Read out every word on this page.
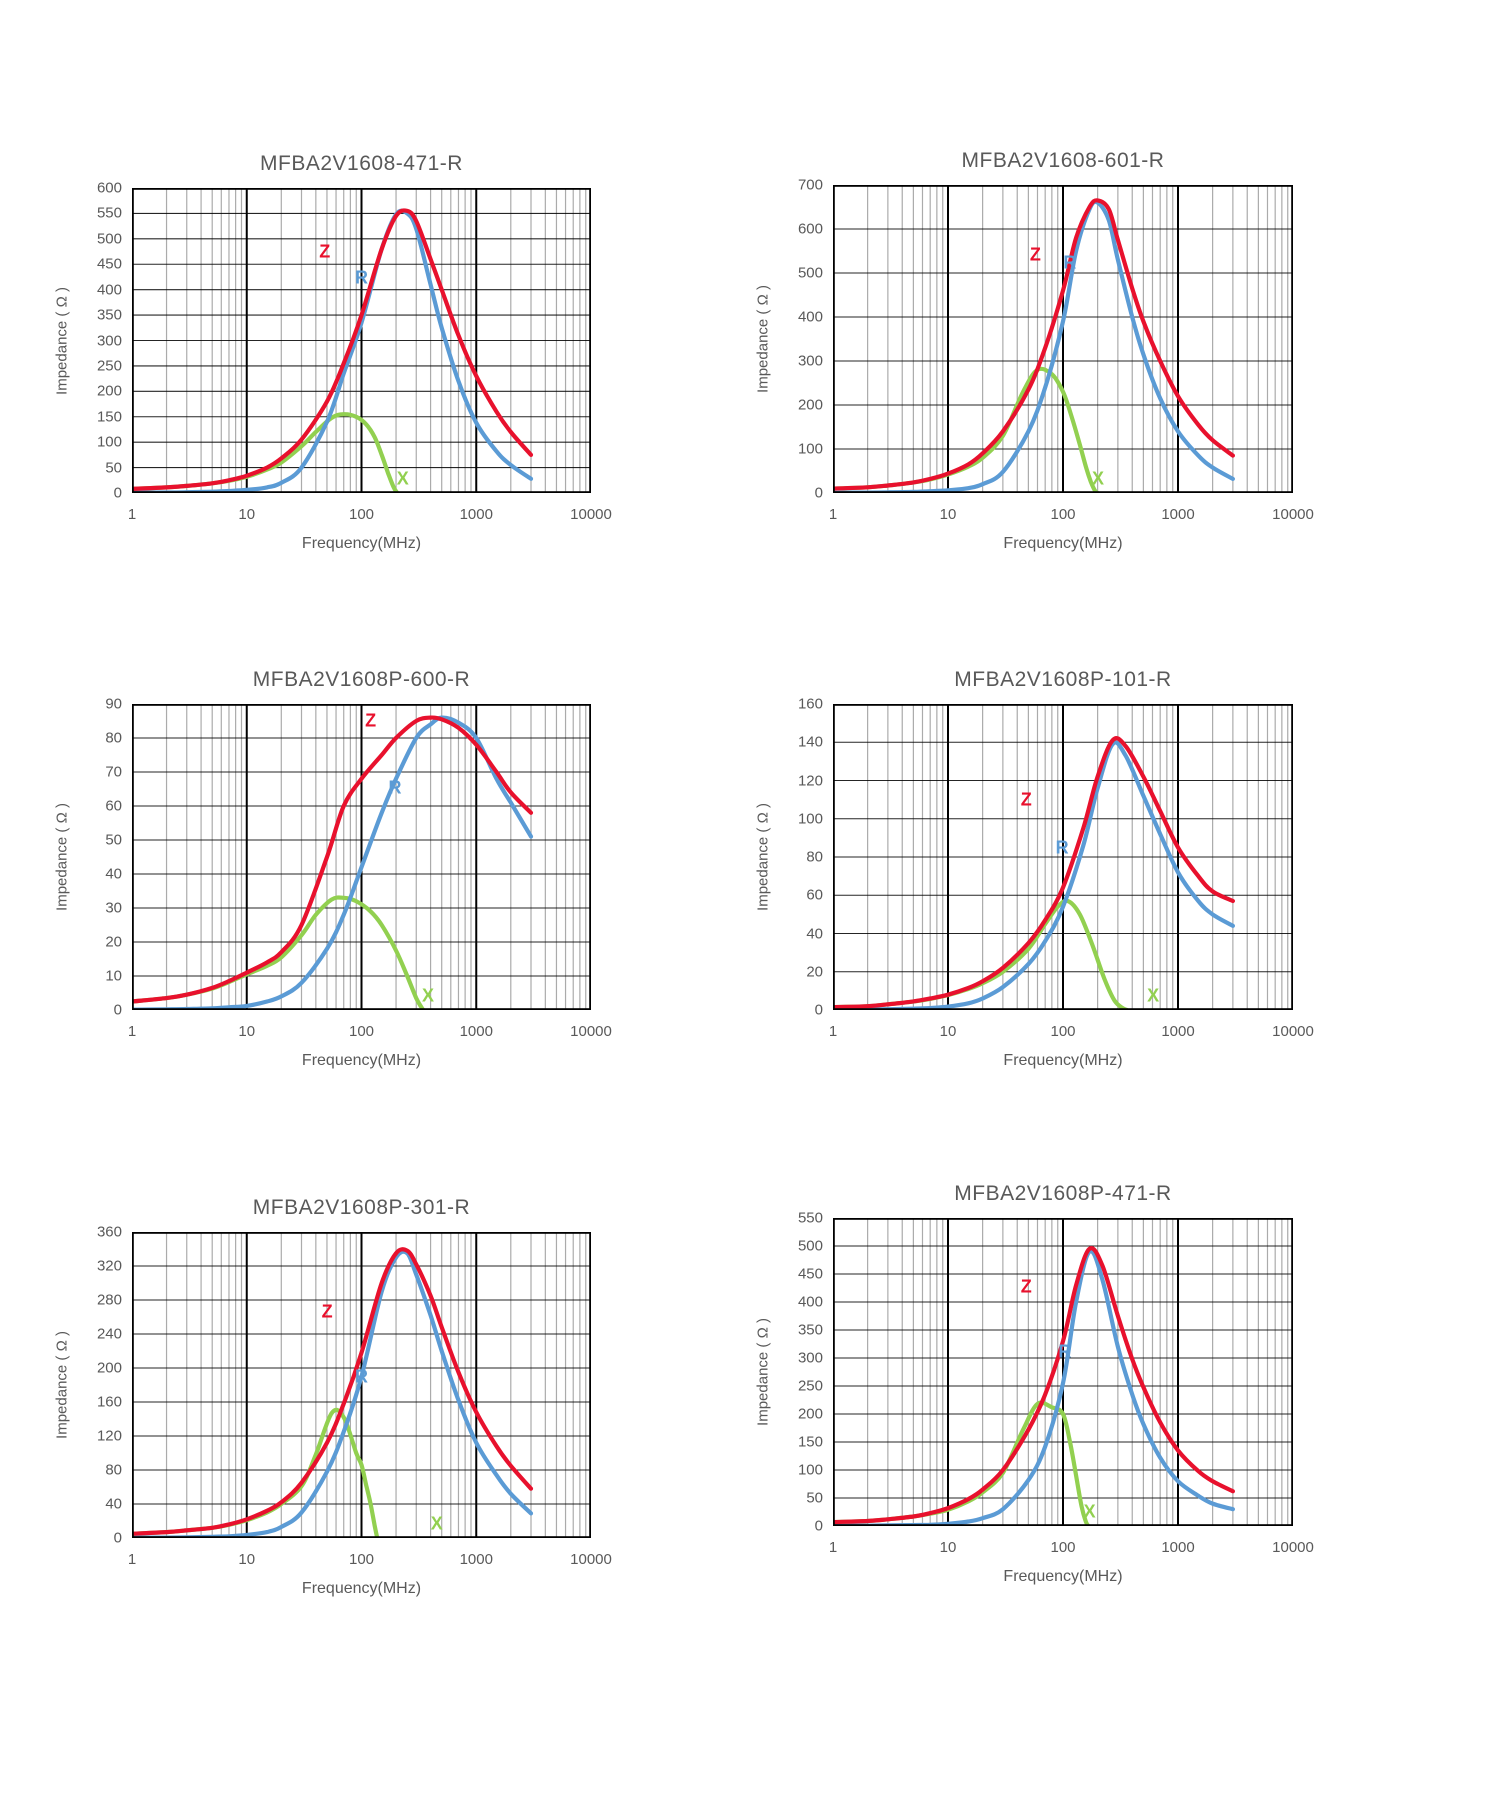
MFBA2V1608-471-R
Impedance ( Ω )
Z
R
X
Frequency(MHz)
1	10	100	1000	10000
0
50
100
150
200
250
300
350
400
450
500
550
600
MFBA2V1608-601-R
Impedance ( Ω )
Z R
X
Frequency(MHz)
1	10	100	1000	10000
0
100
200
300
400
500
600
700
MFBA2V1608P-600-R
Impedance ( Ω )
Z
R
X
Frequency(MHz)
1	10	100	1000	10000
0
10
20
30
40
50
60
70
80
90
MFBA2V1608P-101-R
Impedance ( Ω )
Z
R
X
Frequency(MHz)
1	10	100	1000	10000
0
20
40
60
80
100
120
140
160
MFBA2V1608P-301-R
Impedance ( Ω )
Z
R
X
Frequency(MHz)
1	10	100	1000	10000
0
40
80
120
160
200
240
280
320
360
MFBA2V1608P-471-R
Impedance ( Ω )
Z
R
X
Frequency(MHz)
1	10	100	1000	10000
0
50
100
150
200
250
300
350
400
450
500
550
